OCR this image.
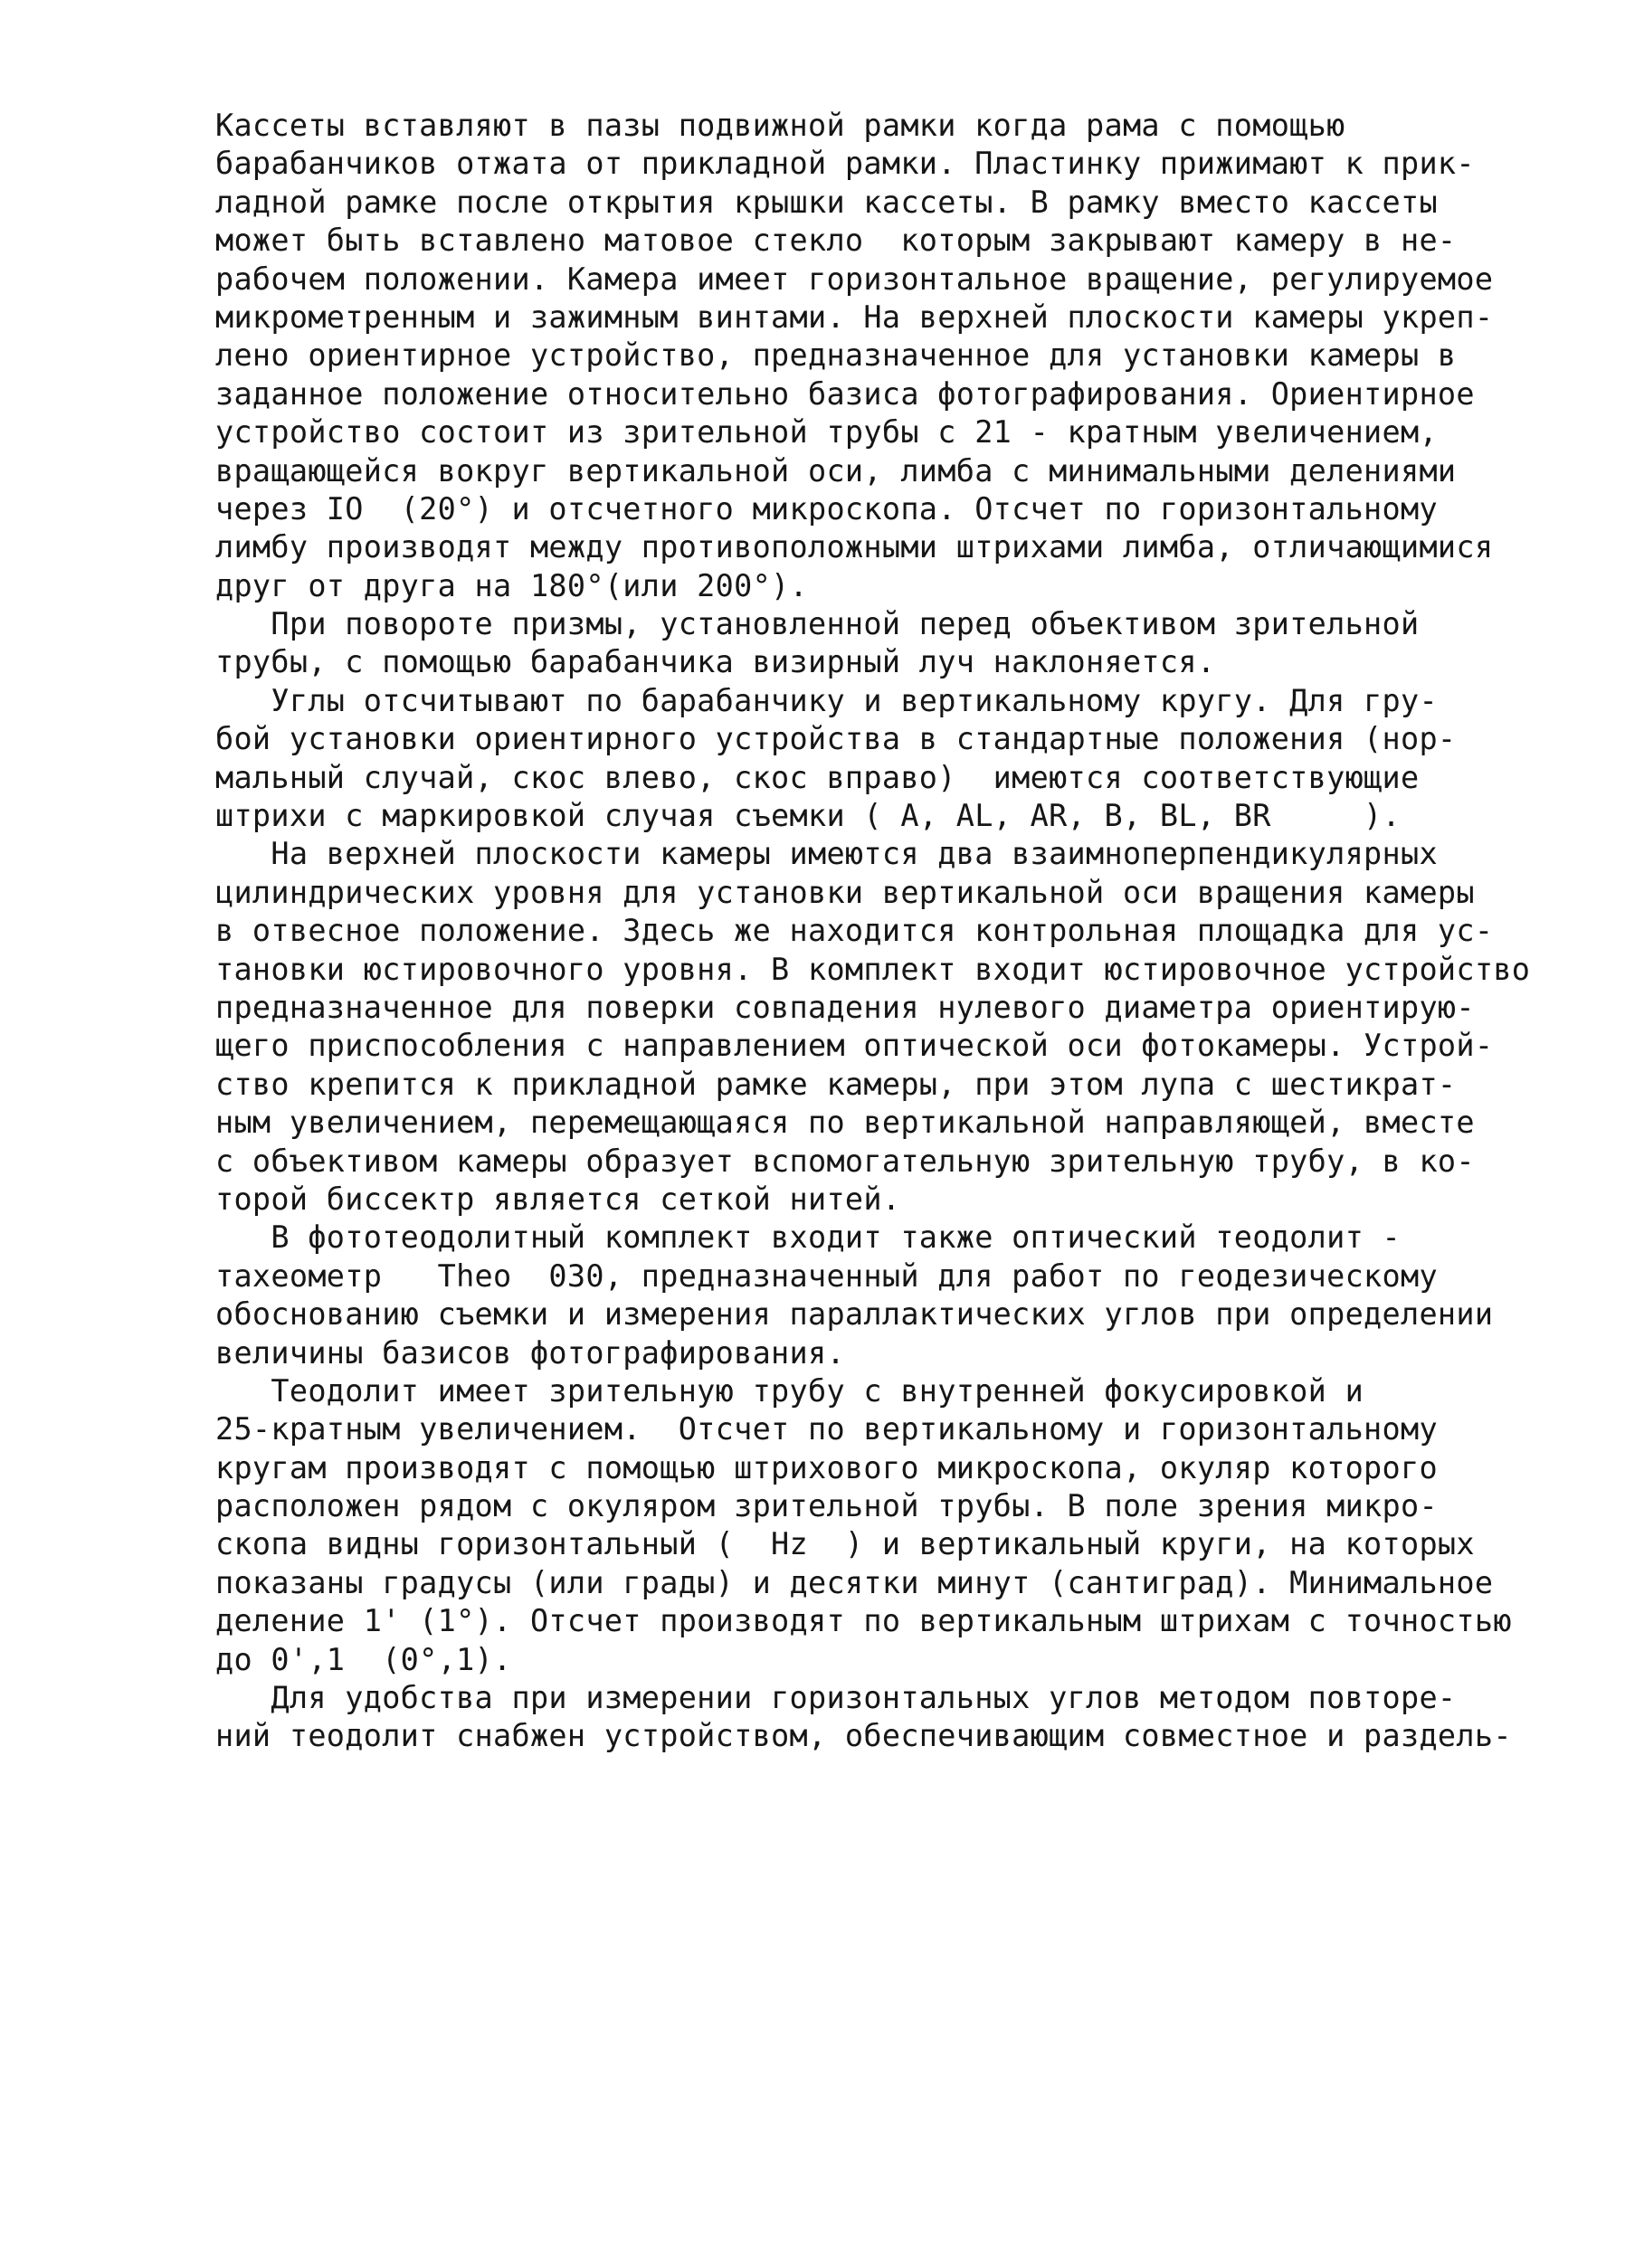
Кассеты вставляют в пазы подвижной рамки когда рама с помощью
барабанчиков отжата от прикладной рамки. Пластинку прижимают к прик-
ладной рамке после открытия крышки кассеты. В рамку вместо кассеты
может быть вставлено матовое стекло  которым закрывают камеру в не-
рабочем положении. Камера имеет горизонтальное вращение, регулируемое
микрометренным и зажимным винтами. На верхней плоскости камеры укреп-
лено ориентирное устройство, предназначенное для установки камеры в
заданное положение относительно базиса фотографирования. Ориентирное
устройство состоит из зрительной трубы с 21 - кратным увеличением,
вращающейся вокруг вертикальной оси, лимба с минимальными делениями
через IO  (20°) и отсчетного микроскопа. Отсчет по горизонтальному
лимбу производят между противоположными штрихами лимба, отличающимися
друг от друга на 180°(или 200°).
При повороте призмы, установленной перед объективом зрительной
трубы, с помощью барабанчика визирный луч наклоняется.
Углы отсчитывают по барабанчику и вертикальному кругу. Для гру-
бой установки ориентирного устройства в стандартные положения (нор-
мальный случай, скос влево, скос вправо)  имеются соответствующие
штрихи с маркировкой случая съемки ( A, AL, AR, B, BL, BR     ).
На верхней плоскости камеры имеются два взаимноперпендикулярных
цилиндрических уровня для установки вертикальной оси вращения камеры
в отвесное положение. Здесь же находится контрольная площадка для ус-
тановки юстировочного уровня. В комплект входит юстировочное устройство
предназначенное для поверки совпадения нулевого диаметра ориентирую-
щего приспособления с направлением оптической оси фотокамеры. Устрой-
ство крепится к прикладной рамке камеры, при этом лупа с шестикрат-
ным увеличением, перемещающаяся по вертикальной направляющей, вместе
с объективом камеры образует вспомогательную зрительную трубу, в ко-
торой биссектр является сеткой нитей.
В фототеодолитный комплект входит также оптический теодолит -
тахеометр   Theo  030, предназначенный для работ по геодезическому
обоснованию съемки и измерения параллактических углов при определении
величины базисов фотографирования.
Теодолит имеет зрительную трубу с внутренней фокусировкой и
25-кратным увеличением.  Отсчет по вертикальному и горизонтальному
кругам производят с помощью штрихового микроскопа, окуляр которого
расположен рядом с окуляром зрительной трубы. В поле зрения микро-
скопа видны горизонтальный (  Hz  ) и вертикальный круги, на которых
показаны градусы (или грады) и десятки минут (сантиград). Минимальное
деление 1' (1°). Отсчет производят по вертикальным штрихам с точностью
до 0',1  (0°,1).
Для удобства при измерении горизонтальных углов методом повторе-
ний теодолит снабжен устройством, обеспечивающим совместное и раздель-
